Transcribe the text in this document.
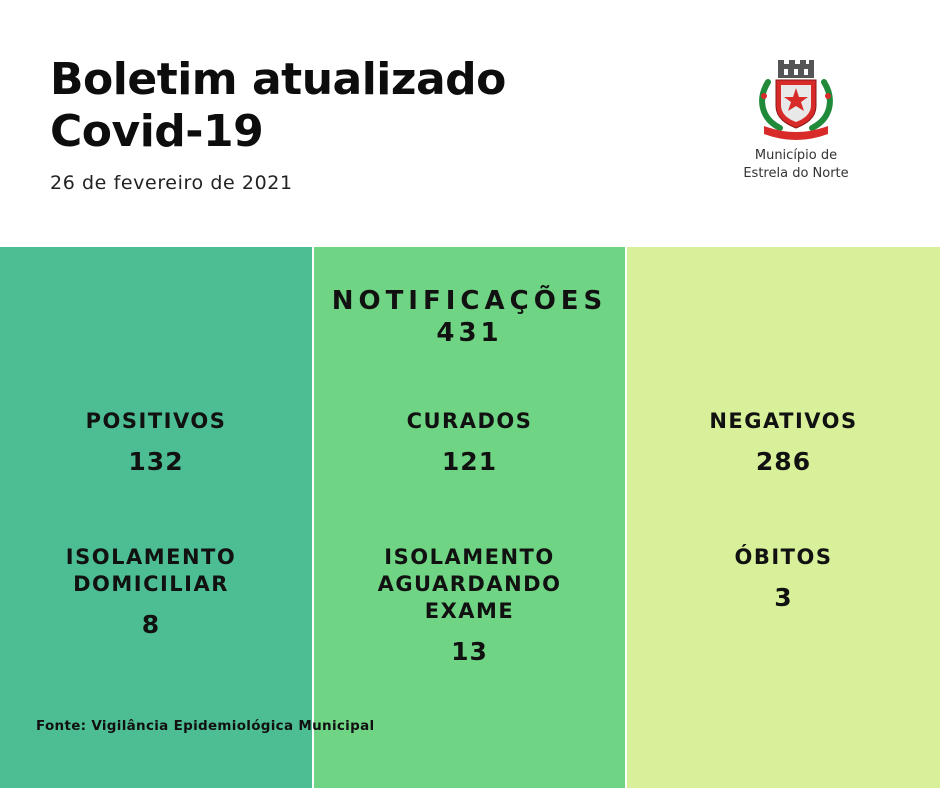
Boletim atualizado
Covid-19
26 de fevereiro de 2021
Município de
Estrela do Norte
NOTIFICAÇÕES
431
POSITIVOS
132
CURADOS
121
NEGATIVOS
286
ISOLAMENTO
DOMICILIAR
8
ISOLAMENTO
AGUARDANDO
EXAME
13
ÓBITOS
3
Fonte: Vigilância Epidemiológica Municipal
